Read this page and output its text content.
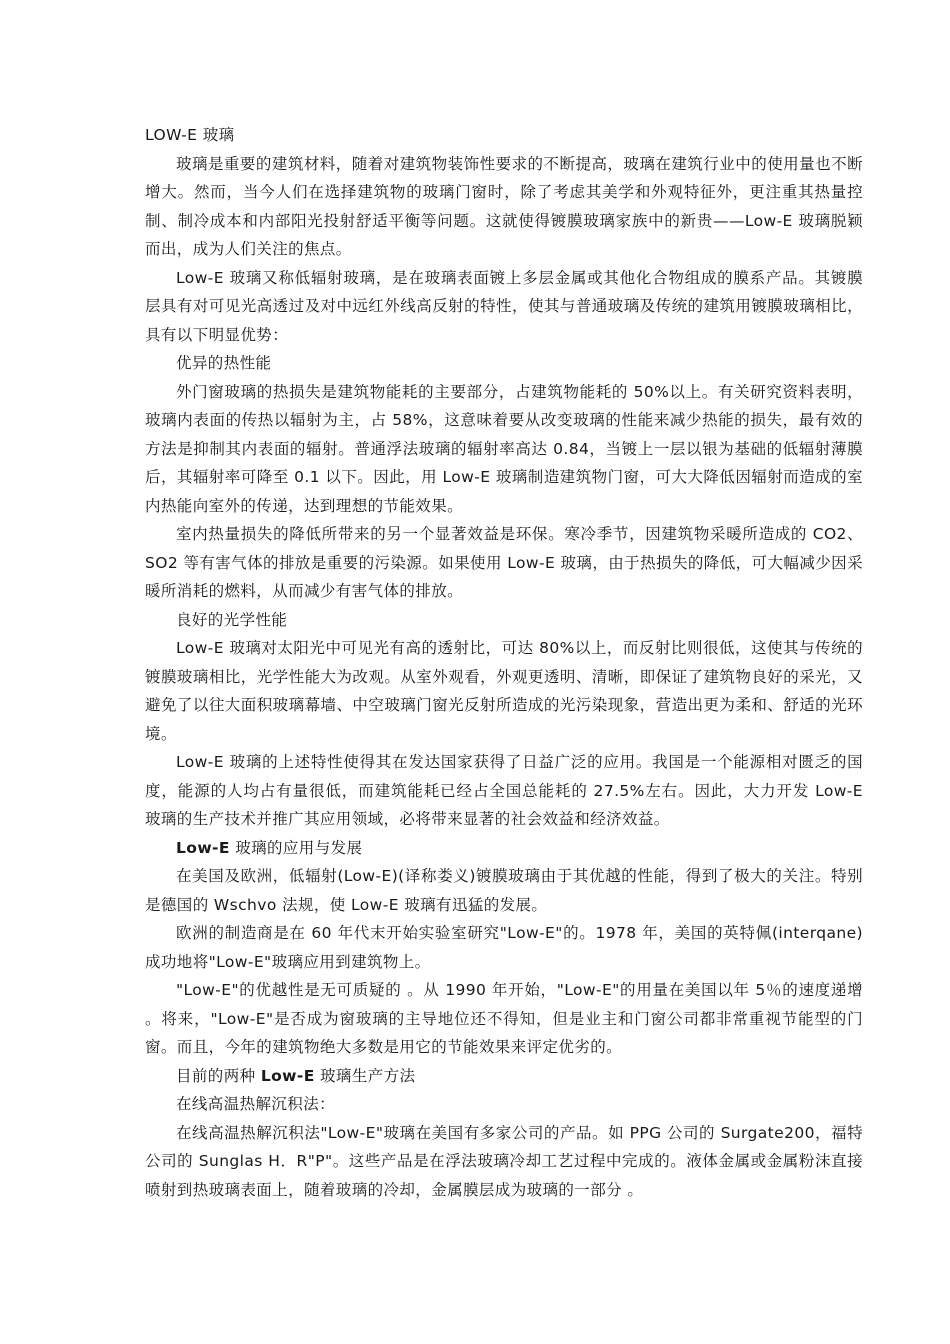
LOW-E 玻璃

玻璃是重要的建筑材料，随着对建筑物装饰性要求的不断提高，玻璃在建筑行业中的使用量也不断增大。然而，当今人们在选择建筑物的玻璃门窗时，除了考虑其美学和外观特征外，更注重其热量控制、制冷成本和内部阳光投射舒适平衡等问题。这就使得镀膜玻璃家族中的新贵——Low-E 玻璃脱颖而出，成为人们关注的焦点。

Low-E 玻璃又称低辐射玻璃，是在玻璃表面镀上多层金属或其他化合物组成的膜系产品。其镀膜层具有对可见光高透过及对中远红外线高反射的特性，使其与普通玻璃及传统的建筑用镀膜玻璃相比，具有以下明显优势：

优异的热性能

外门窗玻璃的热损失是建筑物能耗的主要部分，占建筑物能耗的 50%以上。有关研究资料表明，玻璃内表面的传热以辐射为主，占 58%，这意味着要从改变玻璃的性能来减少热能的损失，最有效的方法是抑制其内表面的辐射。普通浮法玻璃的辐射率高达 0.84，当镀上一层以银为基础的低辐射薄膜后，其辐射率可降至 0.1 以下。因此，用 Low-E 玻璃制造建筑物门窗，可大大降低因辐射而造成的室内热能向室外的传递，达到理想的节能效果。

室内热量损失的降低所带来的另一个显著效益是环保。寒冷季节，因建筑物采暖所造成的 CO2、SO2 等有害气体的排放是重要的污染源。如果使用 Low-E 玻璃，由于热损失的降低，可大幅减少因采暖所消耗的燃料，从而减少有害气体的排放。

良好的光学性能

Low-E 玻璃对太阳光中可见光有高的透射比，可达 80%以上，而反射比则很低，这使其与传统的镀膜玻璃相比，光学性能大为改观。从室外观看，外观更透明、清晰，即保证了建筑物良好的采光，又避免了以往大面积玻璃幕墙、中空玻璃门窗光反射所造成的光污染现象，营造出更为柔和、舒适的光环境。

Low-E 玻璃的上述特性使得其在发达国家获得了日益广泛的应用。我国是一个能源相对匮乏的国度，能源的人均占有量很低，而建筑能耗已经占全国总能耗的 27.5%左右。因此，大力开发 Low-E 玻璃的生产技术并推广其应用领域，必将带来显著的社会效益和经济效益。

Low-E 玻璃的应用与发展

在美国及欧洲，低辐射(Low-E)(译称娄义)镀膜玻璃由于其优越的性能，得到了极大的关注。特别是德国的 Wschvo 法规，使 Low-E 玻璃有迅猛的发展。

欧洲的制造商是在 60 年代末开始实验室研究"Low-E"的。1978 年，美国的英特佩(interqane)成功地将"Low-E"玻璃应用到建筑物上。

"Low-E"的优越性是无可质疑的 。从 1990 年开始，"Low-E"的用量在美国以年 5％的速度递增 。将来，"Low-E"是否成为窗玻璃的主导地位还不得知，但是业主和门窗公司都非常重视节能型的门窗。而且，今年的建筑物绝大多数是用它的节能效果来评定优劣的。

目前的两种 Low-E 玻璃生产方法

在线高温热解沉积法：

在线高温热解沉积法"Low-E"玻璃在美国有多家公司的产品。如 PPG 公司的 Surgate200，福特公司的 Sunglas H．R"P"。这些产品是在浮法玻璃冷却工艺过程中完成的。液体金属或金属粉沫直接喷射到热玻璃表面上，随着玻璃的冷却，金属膜层成为玻璃的一部分 。
